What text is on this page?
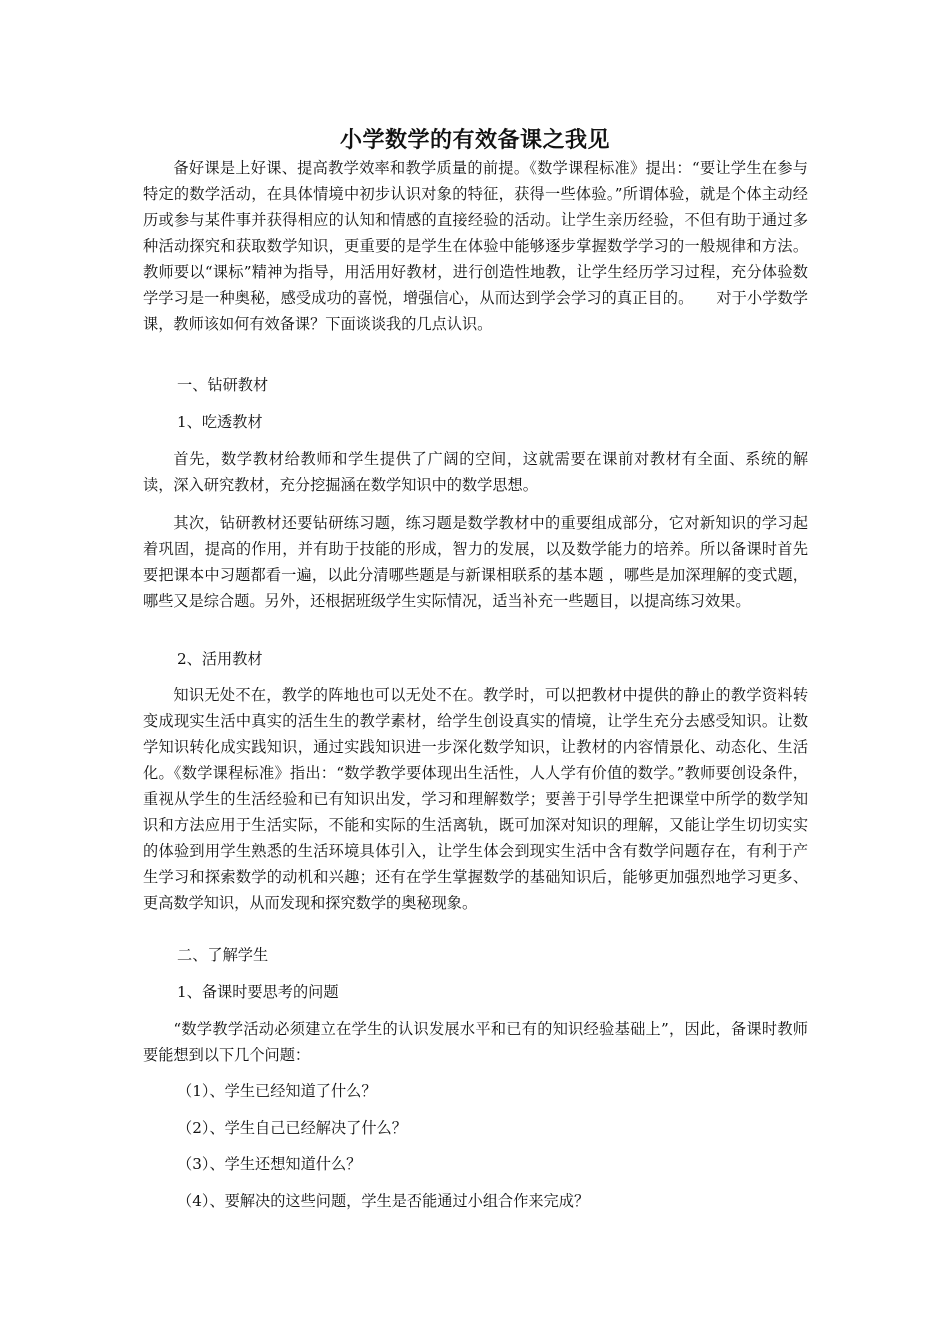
小学数学的有效备课之我见

备好课是上好课、提高教学效率和教学质量的前提。《数学课程标准》提出：“要让学生在参与特定的数学活动，在具体情境中初步认识对象的特征，获得一些体验。”所谓体验，就是个体主动经历或参与某件事并获得相应的认知和情感的直接经验的活动。让学生亲历经验，不但有助于通过多种活动探究和获取数学知识，更重要的是学生在体验中能够逐步掌握数学学习的一般规律和方法。教师要以“课标”精神为指导，用活用好教材，进行创造性地教，让学生经历学习过程，充分体验数学学习是一种奥秘，感受成功的喜悦，增强信心，从而达到学会学习的真正目的。　　对于小学数学课，教师该如何有效备课？下面谈谈我的几点认识。

一、钻研教材

1、吃透教材

首先，数学教材给教师和学生提供了广阔的空间，这就需要在课前对教材有全面、系统的解读，深入研究教材，充分挖掘涵在数学知识中的数学思想。

其次，钻研教材还要钻研练习题，练习题是数学教材中的重要组成部分，它对新知识的学习起着巩固，提高的作用，并有助于技能的形成，智力的发展，以及数学能力的培养。所以备课时首先要把课本中习题都看一遍，以此分清哪些题是与新课相联系的基本题 ，哪些是加深理解的变式题，哪些又是综合题。另外，还根据班级学生实际情况，适当补充一些题目，以提高练习效果。

2、活用教材

知识无处不在，教学的阵地也可以无处不在。教学时，可以把教材中提供的静止的教学资料转变成现实生活中真实的活生生的教学素材，给学生创设真实的情境，让学生充分去感受知识。让数学知识转化成实践知识，通过实践知识进一步深化数学知识，让教材的内容情景化、动态化、生活化。《数学课程标准》指出：“数学教学要体现出生活性，人人学有价值的数学。”教师要创设条件，重视从学生的生活经验和已有知识出发，学习和理解数学；要善于引导学生把课堂中所学的数学知识和方法应用于生活实际，不能和实际的生活离轨，既可加深对知识的理解，又能让学生切切实实的体验到用学生熟悉的生活环境具体引入，让学生体会到现实生活中含有数学问题存在，有利于产生学习和探索数学的动机和兴趣；还有在学生掌握数学的基础知识后，能够更加强烈地学习更多、更高数学知识，从而发现和探究数学的奥秘现象。

二、了解学生

1、备课时要思考的问题

“数学教学活动必须建立在学生的认识发展水平和已有的知识经验基础上”，因此，备课时教师要能想到以下几个问题：

（1）、学生已经知道了什么？

（2）、学生自己已经解决了什么？

（3）、学生还想知道什么？

（4）、要解决的这些问题，学生是否能通过小组合作来完成？
